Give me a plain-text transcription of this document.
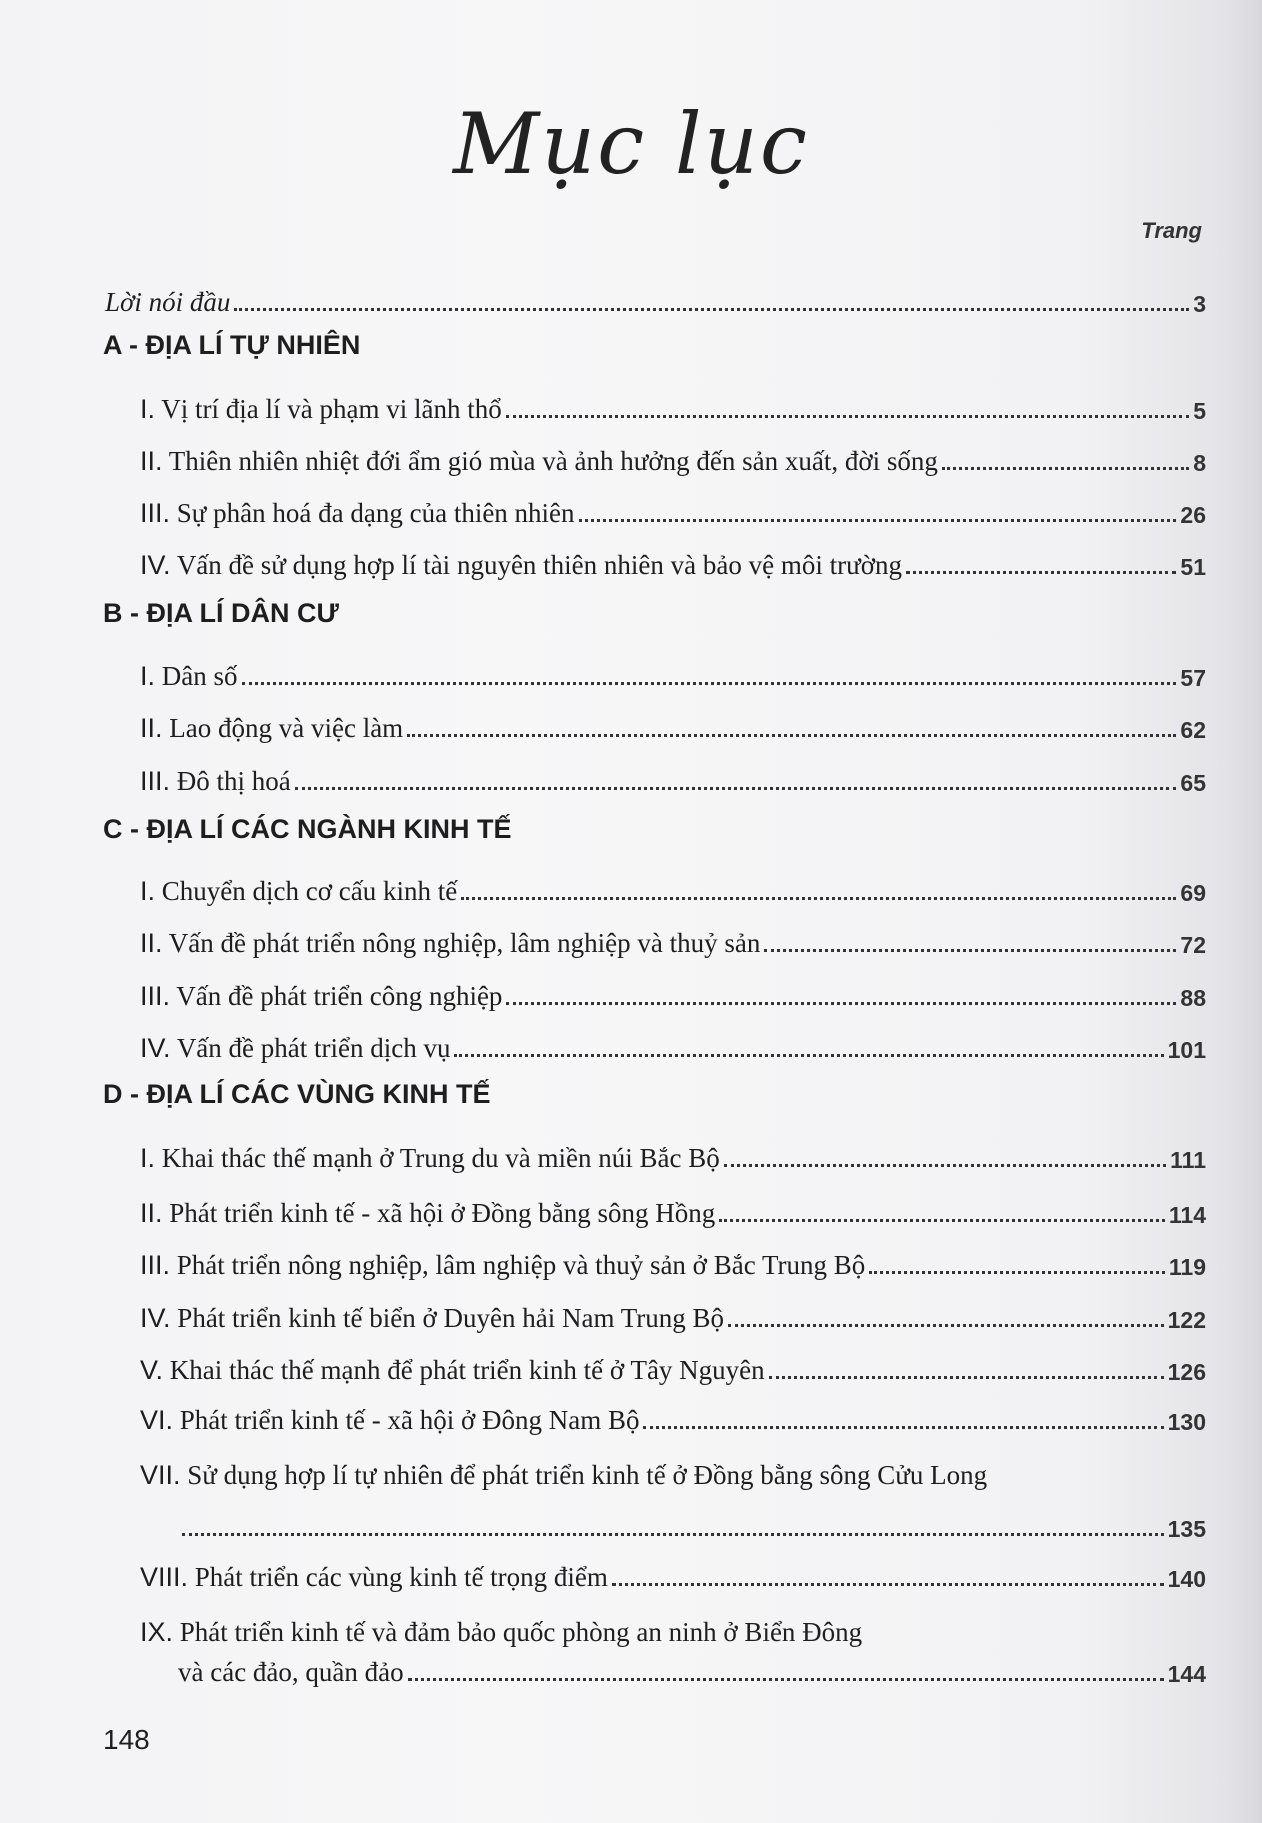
Mục lục
Trang
Lời nói đầu	3
A - ĐỊA LÍ TỰ NHIÊN
I. Vị trí địa lí và phạm vi lãnh thổ	5
II. Thiên nhiên nhiệt đới ẩm gió mùa và ảnh hưởng đến sản xuất, đời sống	8
III. Sự phân hoá đa dạng của thiên nhiên	26
IV. Vấn đề sử dụng hợp lí tài nguyên thiên nhiên và bảo vệ môi trường	51
B - ĐỊA LÍ DÂN CƯ
I. Dân số	57
II. Lao động và việc làm	62
III. Đô thị hoá	65
C - ĐỊA LÍ CÁC NGÀNH KINH TẾ
I. Chuyển dịch cơ cấu kinh tế	69
II. Vấn đề phát triển nông nghiệp, lâm nghiệp và thuỷ sản	72
III. Vấn đề phát triển công nghiệp	88
IV. Vấn đề phát triển dịch vụ	101
D - ĐỊA LÍ CÁC VÙNG KINH TẾ
I. Khai thác thế mạnh ở Trung du và miền núi Bắc Bộ	111
II. Phát triển kinh tế - xã hội ở Đồng bằng sông Hồng	114
III. Phát triển nông nghiệp, lâm nghiệp và thuỷ sản ở Bắc Trung Bộ	119
IV. Phát triển kinh tế biển ở Duyên hải Nam Trung Bộ	122
V. Khai thác thế mạnh để phát triển kinh tế ở Tây Nguyên	126
VI. Phát triển kinh tế - xã hội ở Đông Nam Bộ	130
VII. Sử dụng hợp lí tự nhiên để phát triển kinh tế ở Đồng bằng sông Cửu Long
135
VIII. Phát triển các vùng kinh tế trọng điểm	140
IX. Phát triển kinh tế và đảm bảo quốc phòng an ninh ở Biển Đông
và các đảo, quần đảo	144
148
